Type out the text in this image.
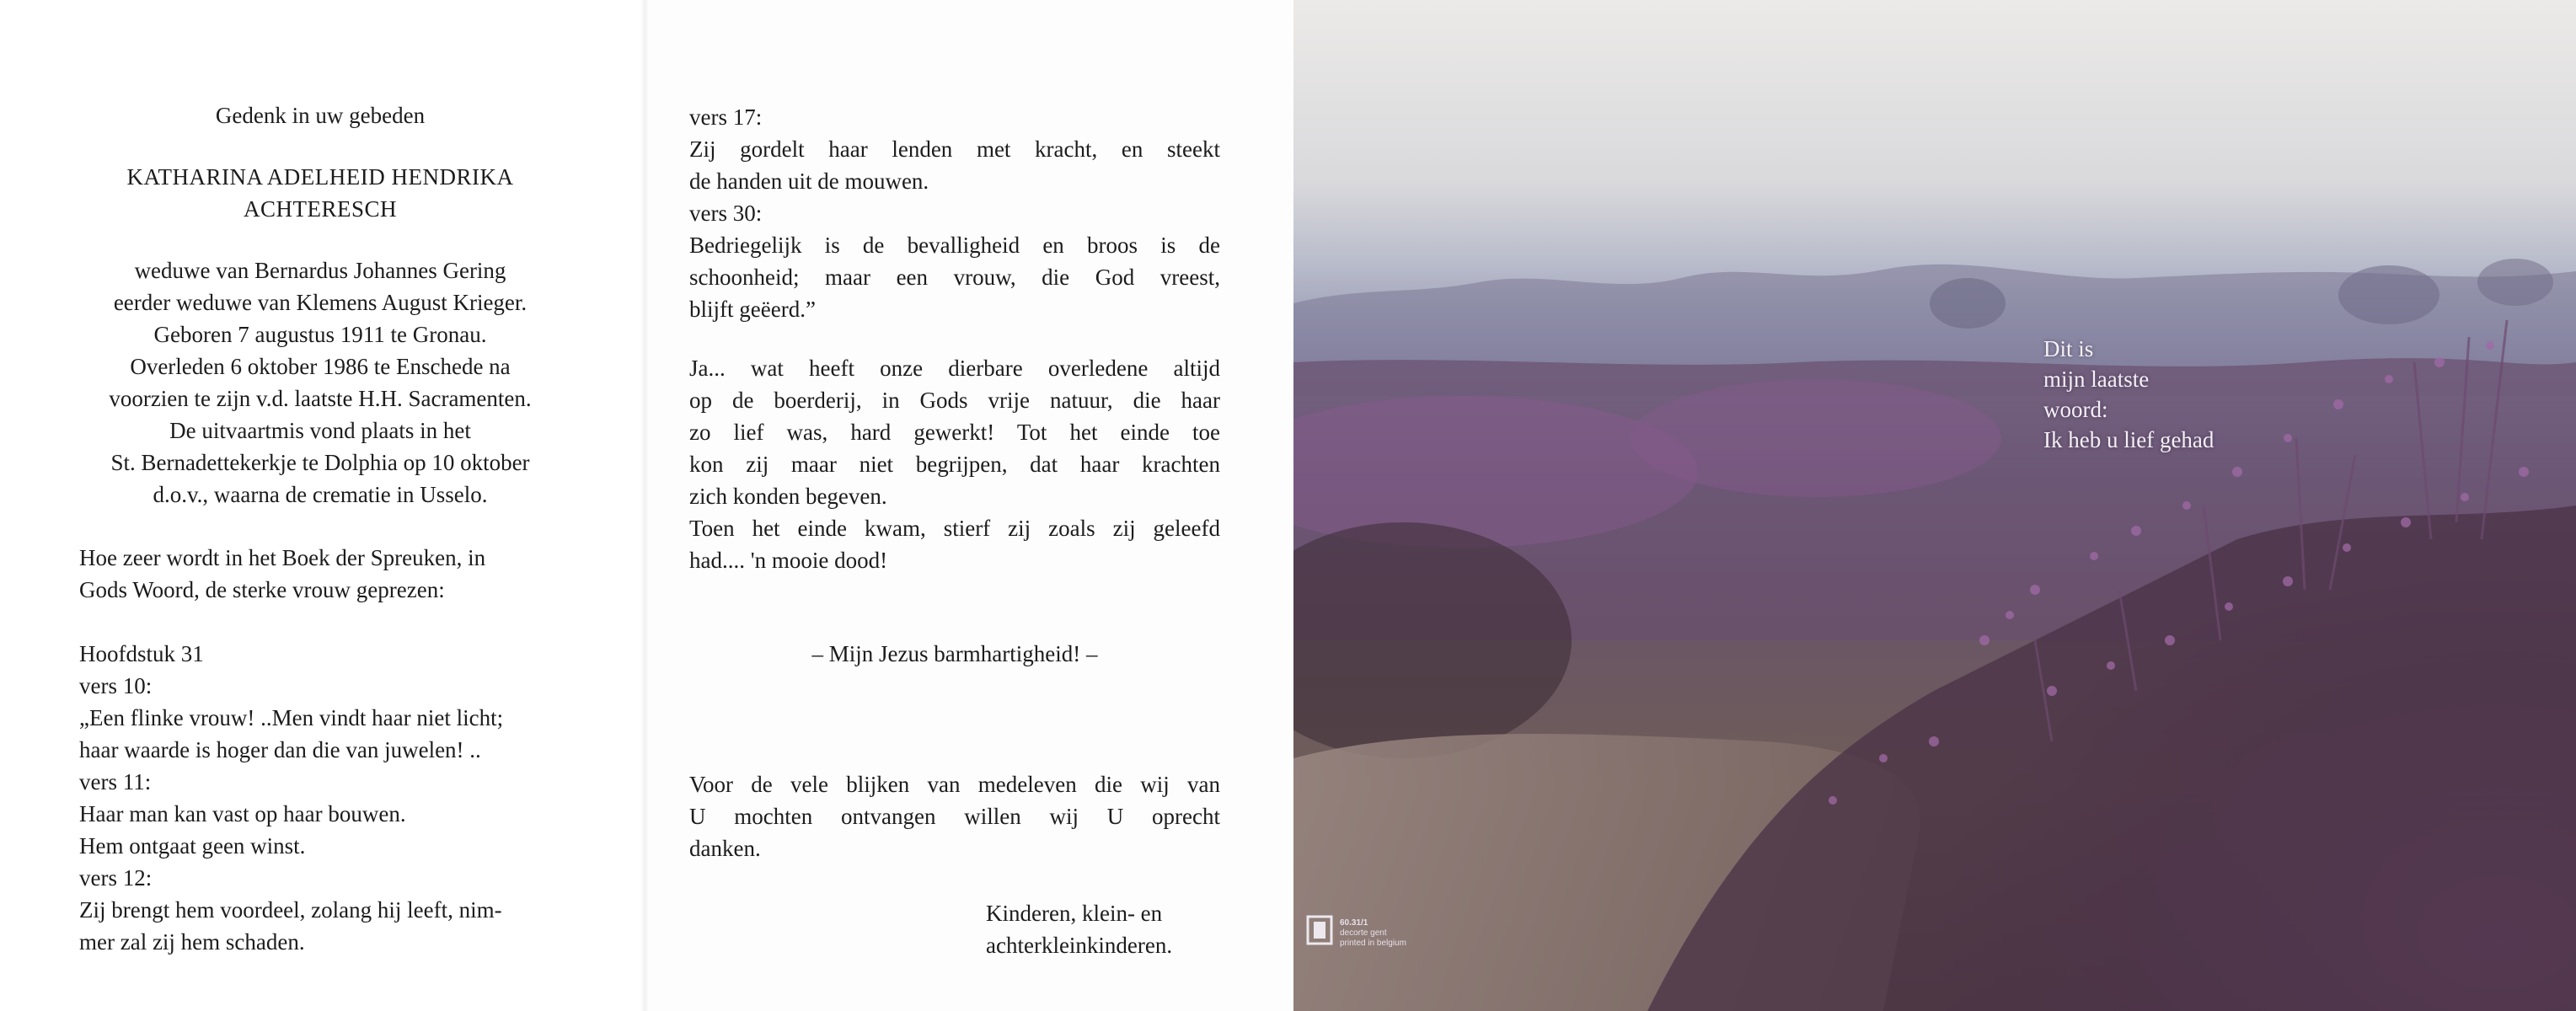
Gedenk in uw gebeden
KATHARINA ADELHEID HENDRIKA
ACHTERESCH
weduwe van Bernardus Johannes Gering
eerder weduwe van Klemens August Krieger.
Geboren 7 augustus 1911 te Gronau.
Overleden 6 oktober 1986 te Enschede na
voorzien te zijn v.d. laatste H.H. Sacramenten.
De uitvaartmis vond plaats in het
St. Bernadettekerkje te Dolphia op 10 oktober
d.o.v., waarna de crematie in Usselo.
Hoe zeer wordt in het Boek der Spreuken, in
Gods Woord, de sterke vrouw geprezen:
Hoofdstuk 31
vers 10:
„Een flinke vrouw! ..Men vindt haar niet licht;
haar waarde is hoger dan die van juwelen! ..
vers 11:
Haar man kan vast op haar bouwen.
Hem ontgaat geen winst.
vers 12:
Zij brengt hem voordeel, zolang hij leeft, nim-
mer zal zij hem schaden.
vers 17:
Zij gordelt haar lenden met kracht, en steekt
de handen uit de mouwen.
vers 30:
Bedriegelijk is de bevalligheid en broos is de
schoonheid; maar een vrouw, die God vreest,
blijft geëerd.”
Ja... wat heeft onze dierbare overledene altijd
op de boerderij, in Gods vrije natuur, die haar
zo lief was, hard gewerkt! Tot het einde toe
kon zij maar niet begrijpen, dat haar krachten
zich konden begeven.
Toen het einde kwam, stierf zij zoals zij geleefd
had.... 'n mooie dood!
– Mijn Jezus barmhartigheid! –
Voor de vele blijken van medeleven die wij van
U mochten ontvangen willen wij U oprecht
danken.
Kinderen, klein- en
achterkleinkinderen.
Dit is
mijn laatste
woord:
Ik heb u lief gehad
60.31/1
decorte gent
printed in belgium
